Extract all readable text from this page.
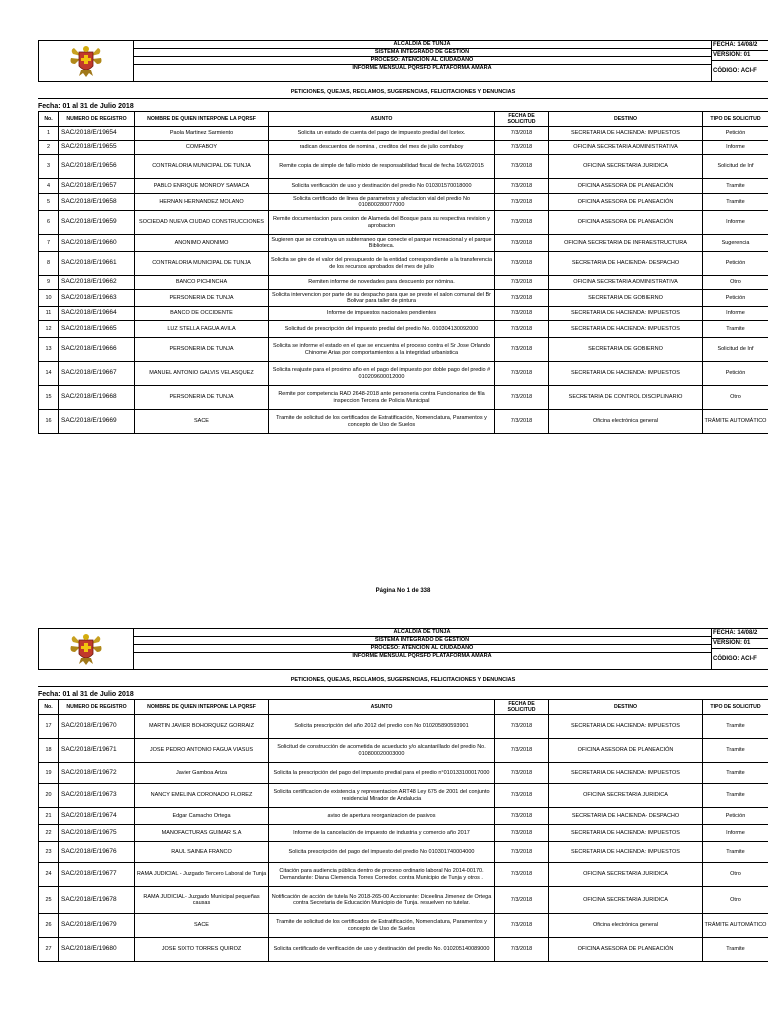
ALCALDIA DE TUNJA
SISTEMA INTEGRADO DE GESTION
PROCESO: ATENCION AL CIUDADANO
INFORME MENSUAL PQRSFD PLATAFORMA AMARA
FECHA: 14/08/2
VERSIÓN: 01
CÓDIGO: ACI-F
PETICIONES, QUEJAS, RECLAMOS, SUGERENCIAS, FELICITACIONES Y DENUNCIAS
Fecha: 01 al 31 de Julio 2018
No.	NUMERO DE REGISTRO	NOMBRE DE QUIEN INTERPONE LA PQRSF	ASUNTO	FECHA DE SOLICITUD	DESTINO	TIPO DE SOLICITUD
1	SAC/2018/E/19654	Paola Martinez Sarmiento	Solicita un estado de cuenta del pago de impuesto predial del Icetex.	7/3/2018	SECRETARIA DE HACIENDA: IMPUESTOS	Petición
2	SAC/2018/E/19655	COMFABOY	radican descuentos de nomina , creditos del mes de julio comfaboy	7/3/2018	OFICINA SECRETARIA ADMINISTRATIVA	Informe
3	SAC/2018/E/19656	CONTRALORIA MUNICIPAL DE TUNJA	Remite copia de simple de fallo mixto de responsabilidad fiscal de fecha 16/02/2015	7/3/2018	OFICINA SECRETARIA JURIDICA	Solicitud de Inf
4	SAC/2018/E/19657	PABLO ENRIQUE MONROY SAMACA	Solicita verificación de uso y destinación del predio No 010301570018000	7/3/2018	OFICINA ASESORA DE PLANEACIÓN	Tramite
5	SAC/2018/E/19658	HERNAN HERNANDEZ MOLANO	Solicita certificado de linea de parametros y afectacion vial del predio No 010800280077000	7/3/2018	OFICINA ASESORA DE PLANEACIÓN	Tramite
6	SAC/2018/E/19659	SOCIEDAD NUEVA CIUDAD CONSTRUCCIONES	Remite documentacion para cesion de Alameda del Bosque para su respectiva revision y aprobacion	7/3/2018	OFICINA ASESORA DE PLANEACIÓN	Informe
7	SAC/2018/E/19660	ANONIMO ANONIMO	Sugieren que se construya un subterraneo que conecte el parque recreacional y el parque Biblioteca.	7/3/2018	OFICINA SECRETARIA DE INFRAESTRUCTURA	Sugerencia
8	SAC/2018/E/19661	CONTRALORIA MUNICIPAL DE TUNJA	Solicita se gire de el valor del presupuesto de la entidad correspondiente a la transferencia de los recursos aprobados del mes de julio	7/3/2018	SECRETARIA DE HACIENDA- DESPACHO	Petición
9	SAC/2018/E/19662	BANCO PICHINCHA	Remiten informe de novedades para descuento por nómina.	7/3/2018	OFICINA SECRETARIA ADMINISTRATIVA	Otro
10	SAC/2018/E/19663	PERSONERIA DE TUNJA	Solicita intervencion por parte de su despacho para que se preste el salon comunal del Br Bolivar para taller de pintura	7/3/2018	SECRETARIA DE GOBIERNO	Petición
11	SAC/2018/E/19664	BANCO DE OCCIDENTE	Informe de impuestos nacionales pendientes	7/3/2018	SECRETARIA DE HACIENDA: IMPUESTOS	Informe
12	SAC/2018/E/19665	LUZ STELLA FAGUA AVILA	Solicitud de prescripción del impuesto predial del predio No. 010304130092000	7/3/2018	SECRETARIA DE HACIENDA: IMPUESTOS	Tramite
13	SAC/2018/E/19666	PERSONERIA DE TUNJA	Solicita se informe el estado en el que se encuentra el proceso contra el Sr Jose Orlando Chinome Arias por comportamientos a la integridad urbanistica	7/3/2018	SECRETARIA DE GOBIERNO	Solicitud de Inf
14	SAC/2018/E/19667	MANUEL ANTONIO GALVIS VELASQUEZ	Solicita reajuste para el proximo año en el pago del impuesto por doble pago del predio # 010209600012000	7/3/2018	SECRETARIA DE HACIENDA: IMPUESTOS	Petición
15	SAC/2018/E/19668	PERSONERIA DE TUNJA	Remite por competencia RAD 2648-2018 ante personeria contra Funcionarios de fila inspeccion Tercera de Policia Municipal	7/3/2018	SECRETARIA DE CONTROL DISCIPLINARIO	Otro
16	SAC/2018/E/19669	SACE	Tramite de solicitud de los certificados de Estratificación, Nomenclatura, Paramentos y concepto de Uso de Suelos	7/3/2018	Oficina electrónica general	TRÁMITE AUTOMÁTICO
Página No 1 de 338
ALCALDIA DE TUNJA
SISTEMA INTEGRADO DE GESTION
PROCESO: ATENCION AL CIUDADANO
INFORME MENSUAL PQRSFD PLATAFORMA AMARA
FECHA: 14/08/2
VERSIÓN: 01
CÓDIGO: ACI-F
PETICIONES, QUEJAS, RECLAMOS, SUGERENCIAS, FELICITACIONES Y DENUNCIAS
Fecha: 01 al 31 de Julio 2018
No.	NUMERO DE REGISTRO	NOMBRE DE QUIEN INTERPONE LA PQRSF	ASUNTO	FECHA DE SOLICITUD	DESTINO	TIPO DE SOLICITUD
17	SAC/2018/E/19670	MARTIN JAVIER BOHORQUEZ GORRAIZ	Solicita prescripción del año 2012 del predio con No 010205890593901	7/3/2018	SECRETARIA DE HACIENDA: IMPUESTOS	Tramite
18	SAC/2018/E/19671	JOSE PEDRO ANTONIO FAGUA VIASUS	Solicitud de construcción de acometida de acueducto y/o alcantarillado del predio No. 010800020003000	7/3/2018	OFICINA ASESORA DE PLANEACIÓN	Tramite
19	SAC/2018/E/19672	Javier Gamboa Ariza	Solicita la prescripción del pago del impuesto predial para el predio n°010133100017000	7/3/2018	SECRETARIA DE HACIENDA: IMPUESTOS	Tramite
20	SAC/2018/E/19673	NANCY EMELINA CORONADO FLOREZ	Solicita certificacion de existencia y representacion ART48 Ley 675 de 2001 del conjunto residencial Mirador de Andalucia	7/3/2018	OFICINA SECRETARIA JURIDICA	Tramite
21	SAC/2018/E/19674	Edgar Camacho Ortega	aviso de apertura reorganizacion de pasivos	7/3/2018	SECRETARIA DE HACIENDA- DESPACHO	Petición
22	SAC/2018/E/19675	MANOFACTURAS GUIMAR S.A	Informe de la cancelación de impuesto de industria y comercio año 2017	7/3/2018	SECRETARIA DE HACIENDA: IMPUESTOS	Informe
23	SAC/2018/E/19676	RAUL SAINEA FRANCO	Solicita prescripción del pago del impuesto del predio No 010301740004000	7/3/2018	SECRETARIA DE HACIENDA: IMPUESTOS	Tramite
24	SAC/2018/E/19677	RAMA JUDICIAL - Juzgado Tercero Laboral de Tunja	Citación para audiencia pública dentro de proceso ordinario laboral No 2014-00170. Demandante: Diana Clemencia Torres Corredor. contra Municipio de Tunja y otros .	7/3/2018	OFICINA SECRETARIA JURIDICA	Otro
25	SAC/2018/E/19678	RAMA JUDICIAL- Juzgado Municipal pequeñas causas	Notificación de acción de tutela No 2018-265-00 Accionante: Diceelina Jimenez de Ortega contra Secretaria de Educación Municipio de Tunja. resuelven no tutelar.	7/3/2018	OFICINA SECRETARIA JURIDICA	Otro
26	SAC/2018/E/19679	SACE	Tramite de solicitud de los certificados de Estratificación, Nomenclatura, Paramentos y concepto de Uso de Suelos	7/3/2018	Oficina electrónica general	TRÁMITE AUTOMÁTICO
27	SAC/2018/E/19680	JOSE SIXTO TORRES QUIROZ	Solicita certificado de verificación de uso y destinación del predio No. 010205140089000	7/3/2018	OFICINA ASESORA DE PLANEACIÓN	Tramite
